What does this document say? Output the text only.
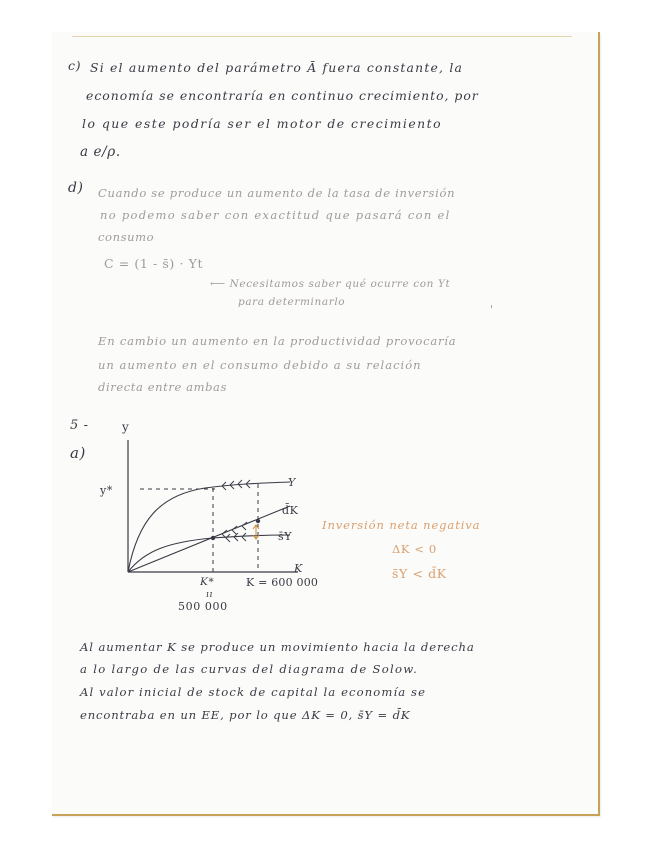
c) Si el aumento del parámetro Ā fuera constante, la
economía se encontraría en continuo crecimiento, por
lo que este podría ser el motor de crecimiento
a e/ρ.
d) Cuando se produce un aumento de la tasa de inversión
no podemo saber con exactitud que pasará con el
consumo
C = (1 - s̄) · Yt
⟵ Necesitamos saber qué ocurre con Yt
para determinarlo	'
En cambio un aumento en la productividad provocaría
un aumento en el consumo debido a su relación
directa entre ambas
5 -
a)
y
y*
Y
d̄K
s̄Y
K
K*
ıı
500 000
K = 600 000
Inversión neta negativa
ΔK < 0
s̄Y < d̄K
Al aumentar K se produce un movimiento hacia la derecha
a lo largo de las curvas del diagrama de Solow.
Al valor inicial de stock de capital la economía se
encontraba en un EE, por lo que ΔK = 0, s̄Y = d̄K
